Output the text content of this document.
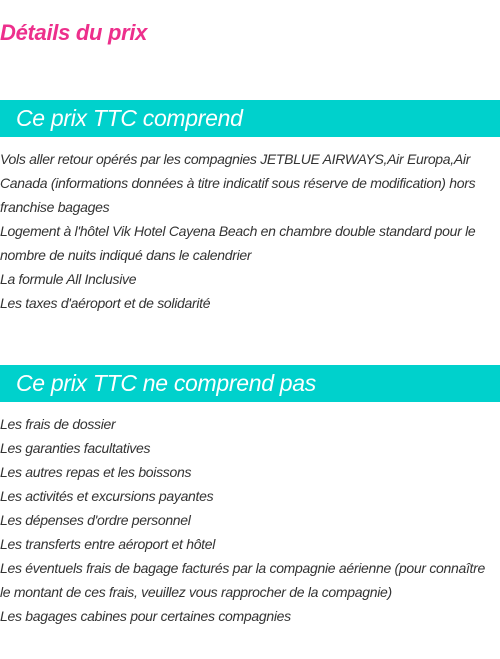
Détails du prix
Ce prix TTC comprend
Vols aller retour opérés par les compagnies JETBLUE AIRWAYS,Air Europa,Air Canada (informations données à titre indicatif sous réserve de modification) hors franchise bagages
Logement à l'hôtel Vik Hotel Cayena Beach en chambre double standard pour le nombre de nuits indiqué dans le calendrier
La formule All Inclusive
Les taxes d'aéroport et de solidarité
Ce prix TTC ne comprend pas
Les frais de dossier
Les garanties facultatives
Les autres repas et les boissons
Les activités et excursions payantes
Les dépenses d'ordre personnel
Les transferts entre aéroport et hôtel
Les éventuels frais de bagage facturés par la compagnie aérienne (pour connaître le montant de ces frais, veuillez vous rapprocher de la compagnie)
Les bagages cabines pour certaines compagnies
